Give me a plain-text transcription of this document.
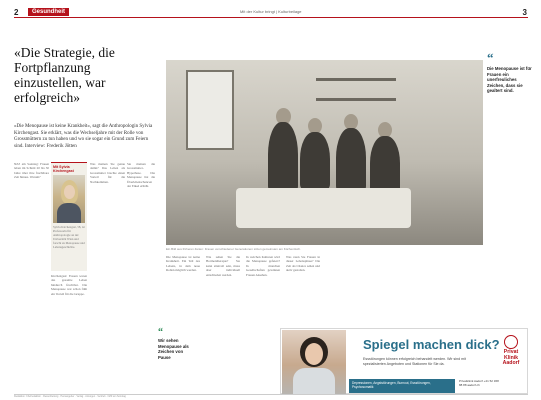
2	3
Gesundheit	Mit der Kultur bringt | Kulturbeilage
«Die Strategie, die Fortpflanzung einzustellen, war erfolgreich»

«Die Menopause ist keine Krankheit», sagt die Anthropologin Sylvia Kirchengast. Sie erklärt, was die Wechseljahre mit der Rolle von Grossmüttern zu tun haben und wo sie sogar ein Grund zum Feiern sind. Interview: Frederik Jötten

NZZ am Sonntag: Frauen leben im Schnitt 20 bis 30 Jahre über ihre fruchtbare Zeit hinaus. Warum?

Mit Sylvia Kirchengast
Sylvia Kirchengast, 58, ist Professorin für Anthropologie an der Universität Wien und forscht zu Menopause und Lebensgeschichte.

Kirchengast: Frauen waren das gesamte Leben hindurch fruchtbar. Die Menopause war schon früh ein Vorteil für die Gruppe.

Was meinen Sie genau damit? Das Leben als Grossmutter brachte einen Vorteil für die Nachkommen.

Sie meinen die Grossmutter-Hypothese. Die Menopause hat die Überlebenschancen der Enkel erhöht.

Ein Bild aus früheren Zeiten: Frauen verschiedener Generationen sitzen gemeinsam am Küchentisch.
“
Die Menopause ist für Frauen ein unerfreuliches Zeichen, dass sie gealtert sind.

Die Menopause ist keine Krankheit. Ein Teil des Lebens, in dem neue Rollen möglich werden.

Wie sehen Sie die Hormontherapie? Sie kann sinnvoll sein, muss aber individuell entschieden werden.

In welchen Kulturen wird die Menopause gefeiert? In manchen Gesellschaften gewinnen Frauen Ansehen.

Was raten Sie Frauen in dieser Lebensphase? Die Zeit als Chance sehen und aktiv gestalten.

“
Wir sehen Menopause als Zeichen von Pause
Spiegel machen dick?
Essstörungen können erfolgreich behandelt werden. Wir sind mit spezialisierten Angeboten und Stationen für Sie da.
Depressionen, Angststörungen, Burnout, Essstörungen, Psychosomatik
Privatklinik Aadorf +41 52 368 88 88 aadorf.ch
Privat Klinik Aadorf
Redaktion: Chefredaktion · Ressortleitung · Herausgeber · Verlag · Anzeigen · Vertrieb · NZZ am Sonntag
